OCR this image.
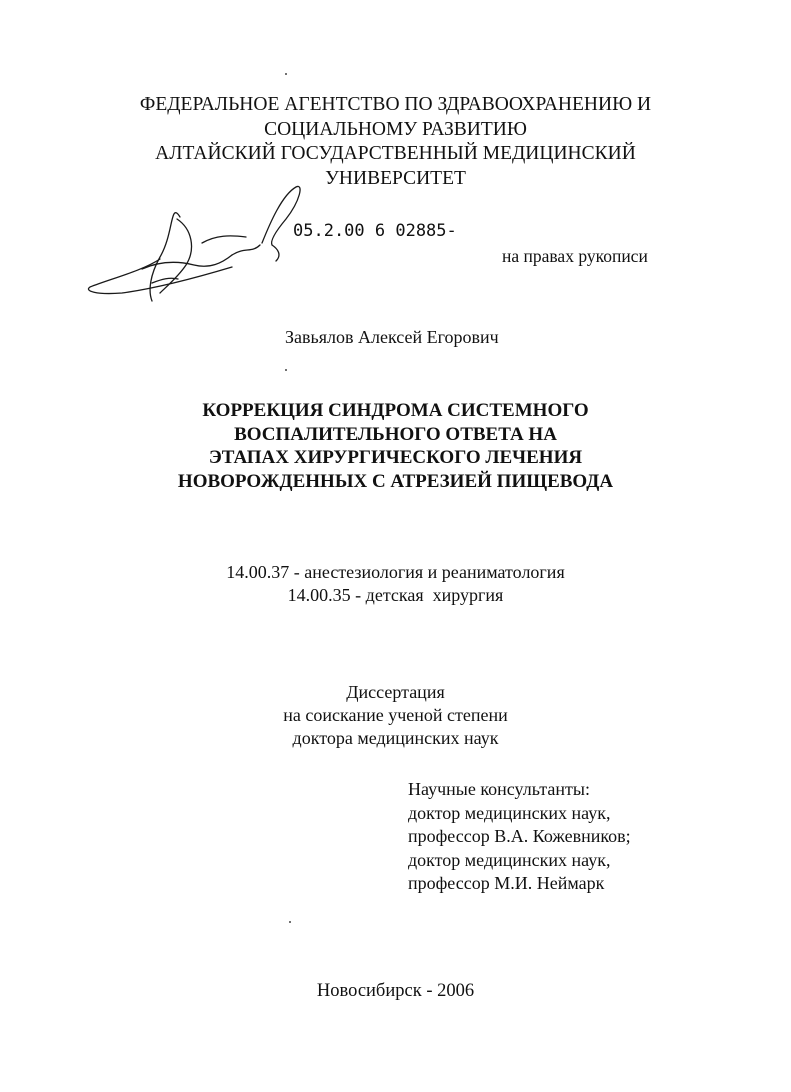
ФЕДЕРАЛЬНОЕ АГЕНТСТВО ПО ЗДРАВООХРАНЕНИЮ И
СОЦИАЛЬНОМУ РАЗВИТИЮ
АЛТАЙСКИЙ ГОСУДАРСТВЕННЫЙ МЕДИЦИНСКИЙ
УНИВЕРСИТЕТ
05.2.00 6 02885-
на правах рукописи
Завьялов Алексей Егорович
КОРРЕКЦИЯ СИНДРОМА СИСТЕМНОГО
ВОСПАЛИТЕЛЬНОГО ОТВЕТА НА
ЭТАПАХ ХИРУРГИЧЕСКОГО ЛЕЧЕНИЯ
НОВОРОЖДЕННЫХ С АТРЕЗИЕЙ ПИЩЕВОДА
14.00.37 - анестезиология и реаниматология
14.00.35 - детская  хирургия
Диссертация
на соискание ученой степени
доктора медицинских наук
Научные консультанты:
доктор медицинских наук,
профессор В.А. Кожевников;
доктор медицинских наук,
профессор М.И. Неймарк
Новосибирск - 2006
